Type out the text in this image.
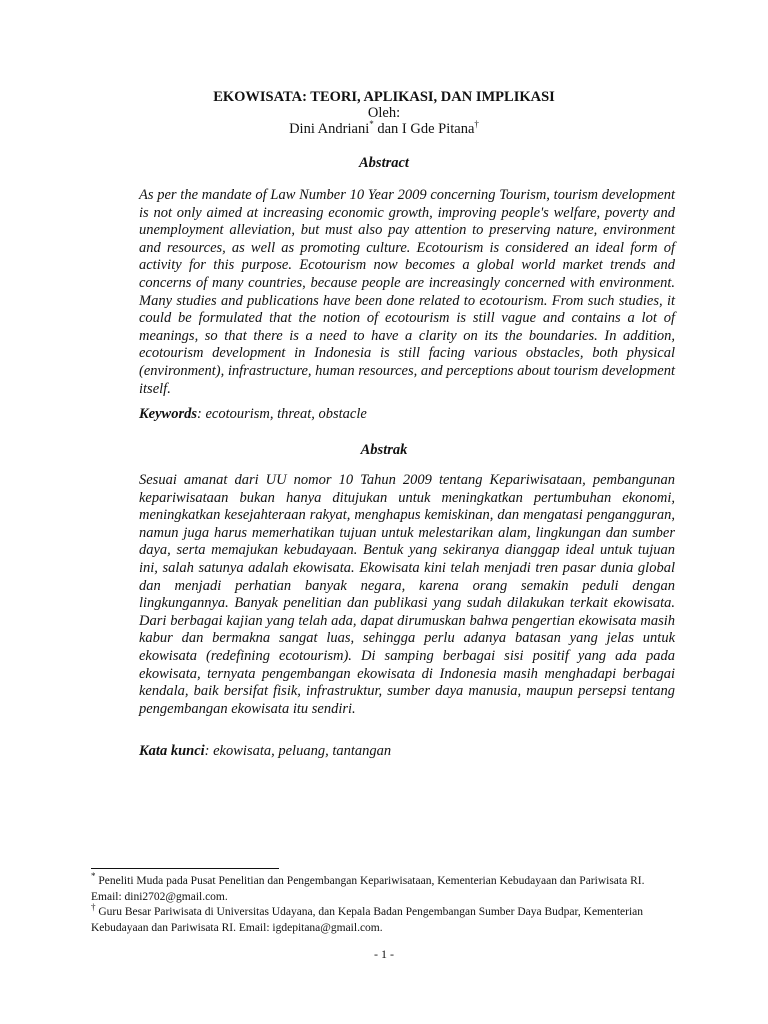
EKOWISATA: TEORI, APLIKASI, DAN IMPLIKASI
Oleh:
Dini Andriani* dan I Gde Pitana†
Abstract

As per the mandate of Law Number 10 Year 2009 concerning Tourism, tourism development is not only aimed at increasing economic growth, improving people's welfare, poverty and unemployment alleviation, but must also pay attention to preserving nature, environment and resources, as well as promoting culture. Ecotourism is considered an ideal form of activity for this purpose. Ecotourism now becomes a global world market trends and concerns of many countries, because people are increasingly concerned with environment. Many studies and publications have been done related to ecotourism. From such studies, it could be formulated that the notion of ecotourism is still vague and contains a lot of meanings, so that there is a need to have a clarity on its the boundaries. In addition, ecotourism development in Indonesia is still facing various obstacles, both physical (environment), infrastructure, human resources, and perceptions about tourism development itself.

Keywords: ecotourism, threat, obstacle
Abstrak

Sesuai amanat dari UU nomor 10 Tahun 2009 tentang Kepariwisataan, pembangunan kepariwisataan bukan hanya ditujukan untuk meningkatkan pertumbuhan ekonomi, meningkatkan kesejahteraan rakyat, menghapus kemiskinan, dan mengatasi pengangguran, namun juga harus memerhatikan tujuan untuk melestarikan alam, lingkungan dan sumber daya, serta memajukan kebudayaan. Bentuk yang sekiranya dianggap ideal untuk tujuan ini, salah satunya adalah ekowisata. Ekowisata kini telah menjadi tren pasar dunia global dan menjadi perhatian banyak negara, karena orang semakin peduli dengan lingkungannya. Banyak penelitian dan publikasi yang sudah dilakukan terkait ekowisata. Dari berbagai kajian yang telah ada, dapat dirumuskan bahwa pengertian ekowisata masih kabur dan bermakna sangat luas, sehingga perlu adanya batasan yang jelas untuk ekowisata (redefining ecotourism). Di samping berbagai sisi positif yang ada pada ekowisata, ternyata pengembangan ekowisata di Indonesia masih menghadapi berbagai kendala, baik bersifat fisik, infrastruktur, sumber daya manusia, maupun persepsi tentang pengembangan ekowisata itu sendiri.

Kata kunci: ekowisata, peluang, tantangan

* Peneliti Muda pada Pusat Penelitian dan Pengembangan Kepariwisataan, Kementerian Kebudayaan dan Pariwisata RI. Email: dini2702@gmail.com.

† Guru Besar Pariwisata di Universitas Udayana, dan Kepala Badan Pengembangan Sumber Daya Budpar, Kementerian Kebudayaan dan Pariwisata RI. Email: igdepitana@gmail.com.

- 1 -
